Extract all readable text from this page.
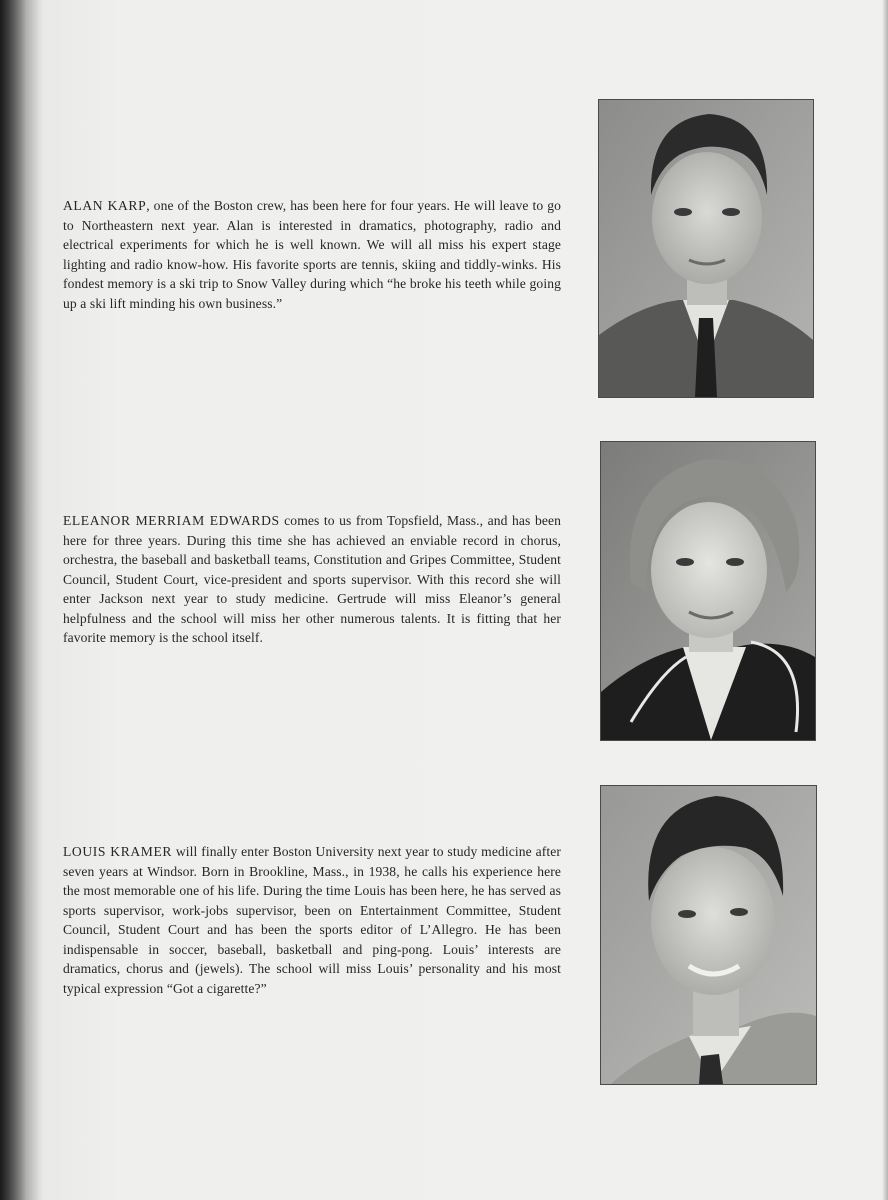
ALAN KARP, one of the Boston crew, has been here for four years. He will leave to go to Northeastern next year. Alan is interested in dramatics, photography, radio and electrical experiments for which he is well known. We will all miss his expert stage lighting and radio know-how. His favorite sports are tennis, skiing and tiddly-winks. His fondest memory is a ski trip to Snow Valley during which “he broke his teeth while going up a ski lift minding his own business.”

ELEANOR MERRIAM EDWARDS comes to us from Topsfield, Mass., and has been here for three years. During this time she has achieved an enviable record in chorus, orchestra, the baseball and basketball teams, Constitution and Gripes Committee, Student Council, Student Court, vice-president and sports supervisor. With this record she will enter Jackson next year to study medicine. Gertrude will miss Eleanor’s general helpfulness and the school will miss her other numerous talents. It is fitting that her favorite memory is the school itself.

LOUIS KRAMER will finally enter Boston University next year to study medicine after seven years at Windsor. Born in Brookline, Mass., in 1938, he calls his experience here the most memorable one of his life. During the time Louis has been here, he has served as sports supervisor, work-jobs supervisor, been on Entertainment Committee, Student Council, Student Court and has been the sports editor of L’Allegro. He has been indispensable in soccer, baseball, basketball and ping-pong. Louis’ interests are dramatics, chorus and (jewels). The school will miss Louis’ personality and his most typical expression “Got a cigarette?”
